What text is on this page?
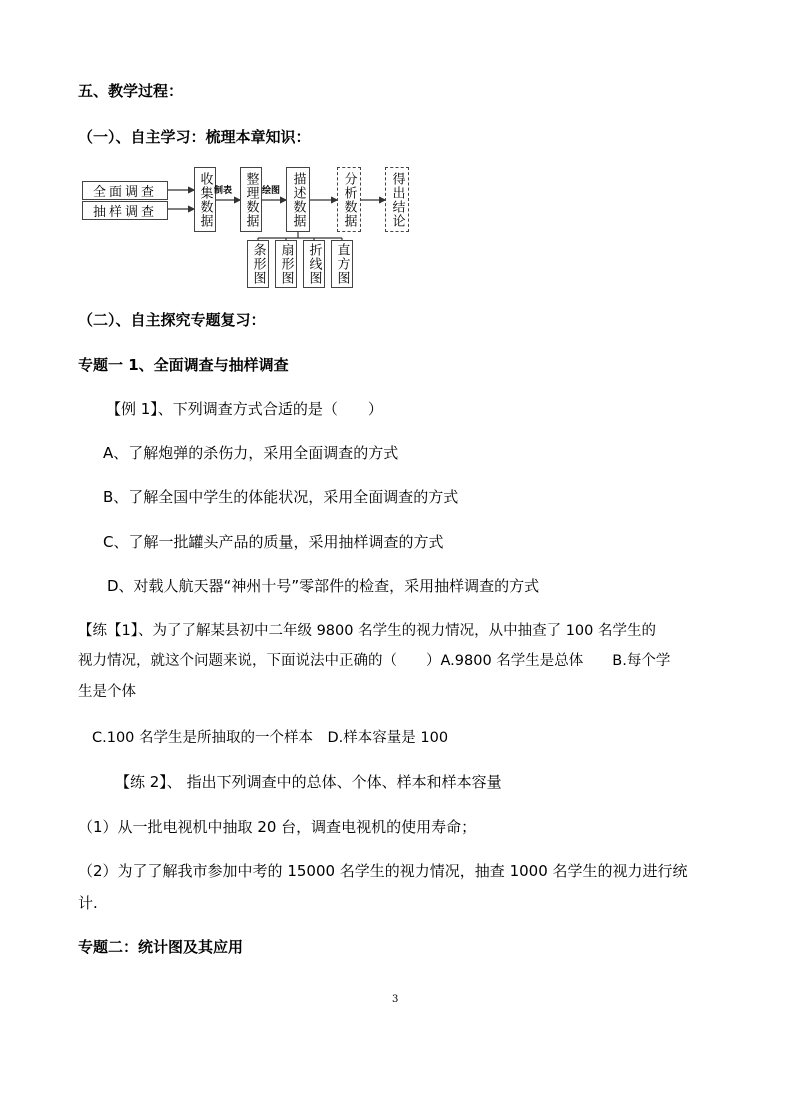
五、教学过程：
（一）、自主学习：梳理本章知识：
全面调查
抽样调查	收集数据 制表 整理数据 绘图 描述数据	分析数据	得出结论
条形图 扇形图 折线图 直方图
（二）、自主探究专题复习：
专题一 1、全面调查与抽样调查
【例 1】、下列调查方式合适的是（　　）
A、了解炮弹的杀伤力，采用全面调查的方式
B、了解全国中学生的体能状况，采用全面调查的方式
C、了解一批罐头产品的质量，采用抽样调查的方式
D、对载人航天器“神州十号”零部件的检查，采用抽样调查的方式
【练【1】、为了了解某县初中二年级 9800 名学生的视力情况，从中抽查了 100 名学生的
视力情况，就这个问题来说，下面说法中正确的（　　）A.9800 名学生是总体　　B.每个学
生是个体
C.100 名学生是所抽取的一个样本　D.样本容量是 100
【练 2】、 指出下列调查中的总体、个体、样本和样本容量
（1）从一批电视机中抽取 20 台，调查电视机的使用寿命；
（2）为了了解我市参加中考的 15000 名学生的视力情况，抽查 1000 名学生的视力进行统
计.
专题二：统计图及其应用
3
